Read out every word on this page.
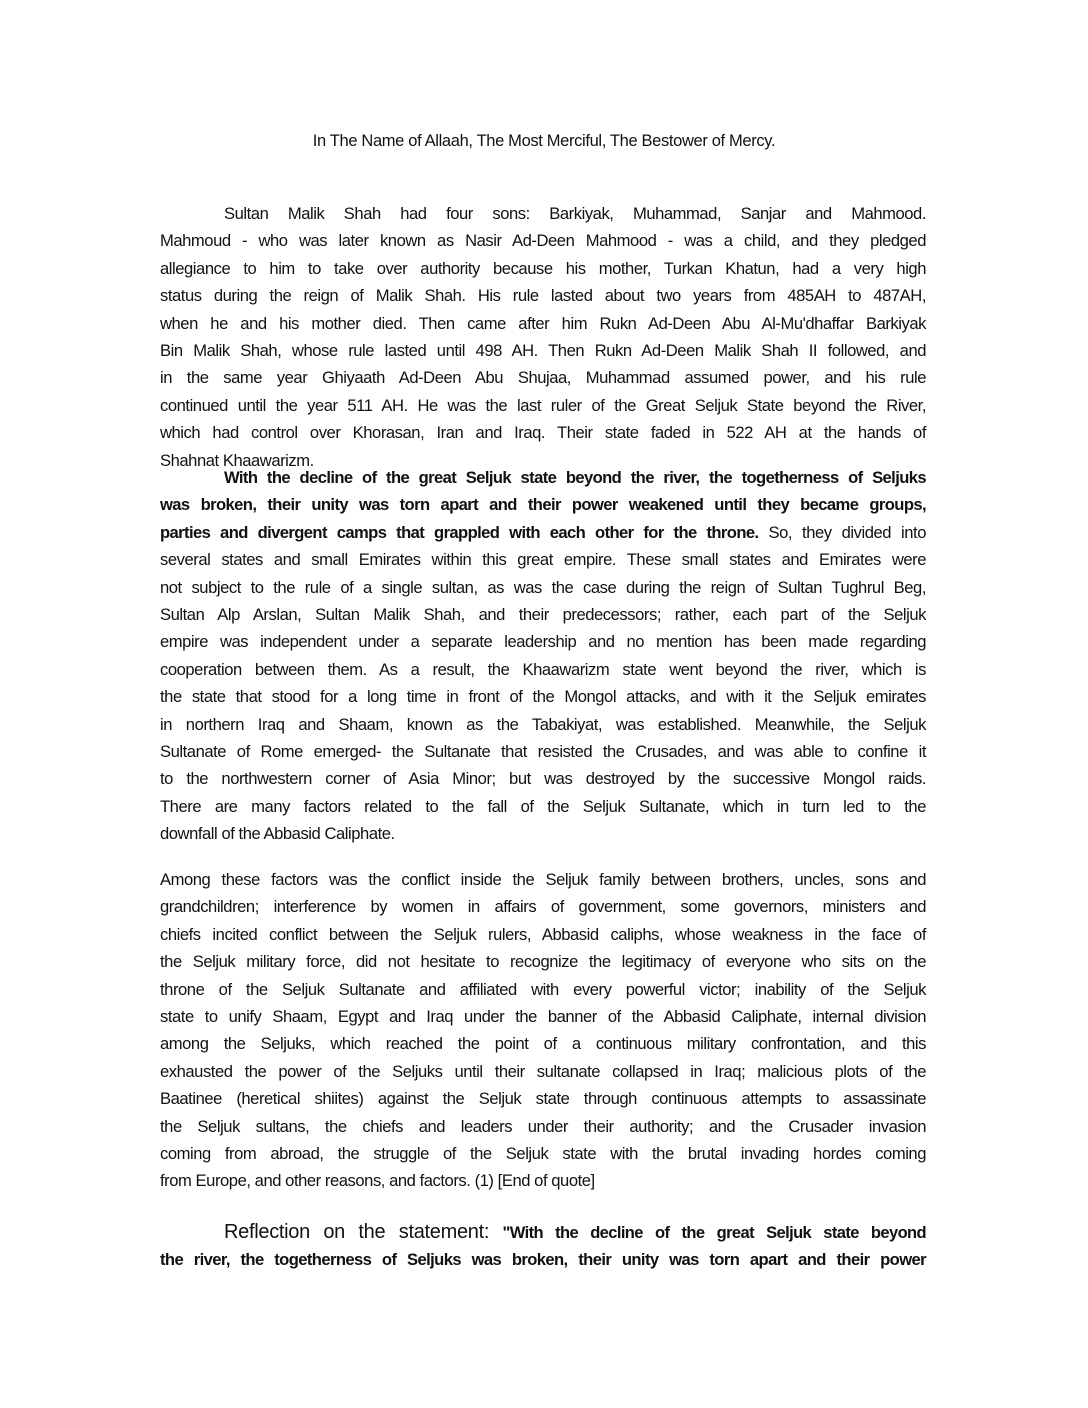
In The Name of Allaah, The Most Merciful, The Bestower of Mercy.
Sultan Malik Shah had four sons: Barkiyak, Muhammad, Sanjar and Mahmood.
Mahmoud - who was later known as Nasir Ad-Deen Mahmood - was a child, and they pledged
allegiance to him to take over authority because his mother, Turkan Khatun, had a very high
status during the reign of Malik Shah. His rule lasted about two years from 485AH to 487AH,
when he and his mother died. Then came after him Rukn Ad-Deen Abu Al-Mu'dhaffar Barkiyak
Bin Malik Shah, whose rule lasted until 498 AH. Then Rukn Ad-Deen Malik Shah II followed, and
in the same year Ghiyaath Ad-Deen Abu Shujaa, Muhammad assumed power, and his rule
continued until the year 511 AH. He was the last ruler of the Great Seljuk State beyond the River,
which had control over Khorasan, Iran and Iraq. Their state faded in 522 AH at the hands of
Shahnat Khaawarizm.
With the decline of the great Seljuk state beyond the river, the togetherness of Seljuks
was broken, their unity was torn apart and their power weakened until they became groups,
parties and divergent camps that grappled with each other for the throne. So, they divided into
several states and small Emirates within this great empire. These small states and Emirates were
not subject to the rule of a single sultan, as was the case during the reign of Sultan Tughrul Beg,
Sultan Alp Arslan, Sultan Malik Shah, and their predecessors; rather, each part of the Seljuk
empire was independent under a separate leadership and no mention has been made regarding
cooperation between them. As a result, the Khaawarizm state went beyond the river, which is
the state that stood for a long time in front of the Mongol attacks, and with it the Seljuk emirates
in northern Iraq and Shaam, known as the Tabakiyat, was established. Meanwhile, the Seljuk
Sultanate of Rome emerged- the Sultanate that resisted the Crusades, and was able to confine it
to the northwestern corner of Asia Minor; but was destroyed by the successive Mongol raids.
There are many factors related to the fall of the Seljuk Sultanate, which in turn led to the
downfall of the Abbasid Caliphate.
Among these factors was the conflict inside the Seljuk family between brothers, uncles, sons and
grandchildren; interference by women in affairs of government, some governors, ministers and
chiefs incited conflict between the Seljuk rulers, Abbasid caliphs, whose weakness in the face of
the Seljuk military force, did not hesitate to recognize the legitimacy of everyone who sits on the
throne of the Seljuk Sultanate and affiliated with every powerful victor; inability of the Seljuk
state to unify Shaam, Egypt and Iraq under the banner of the Abbasid Caliphate, internal division
among the Seljuks, which reached the point of a continuous military confrontation, and this
exhausted the power of the Seljuks until their sultanate collapsed in Iraq; malicious plots of the
Baatinee (heretical shiites) against the Seljuk state through continuous attempts to assassinate
the Seljuk sultans, the chiefs and leaders under their authority; and the Crusader invasion
coming from abroad, the struggle of the Seljuk state with the brutal invading hordes coming
from Europe, and other reasons, and factors. (1) [End of quote]
Reflection on the statement: "With the decline of the great Seljuk state beyond
the river, the togetherness of Seljuks was broken, their unity was torn apart and their power
